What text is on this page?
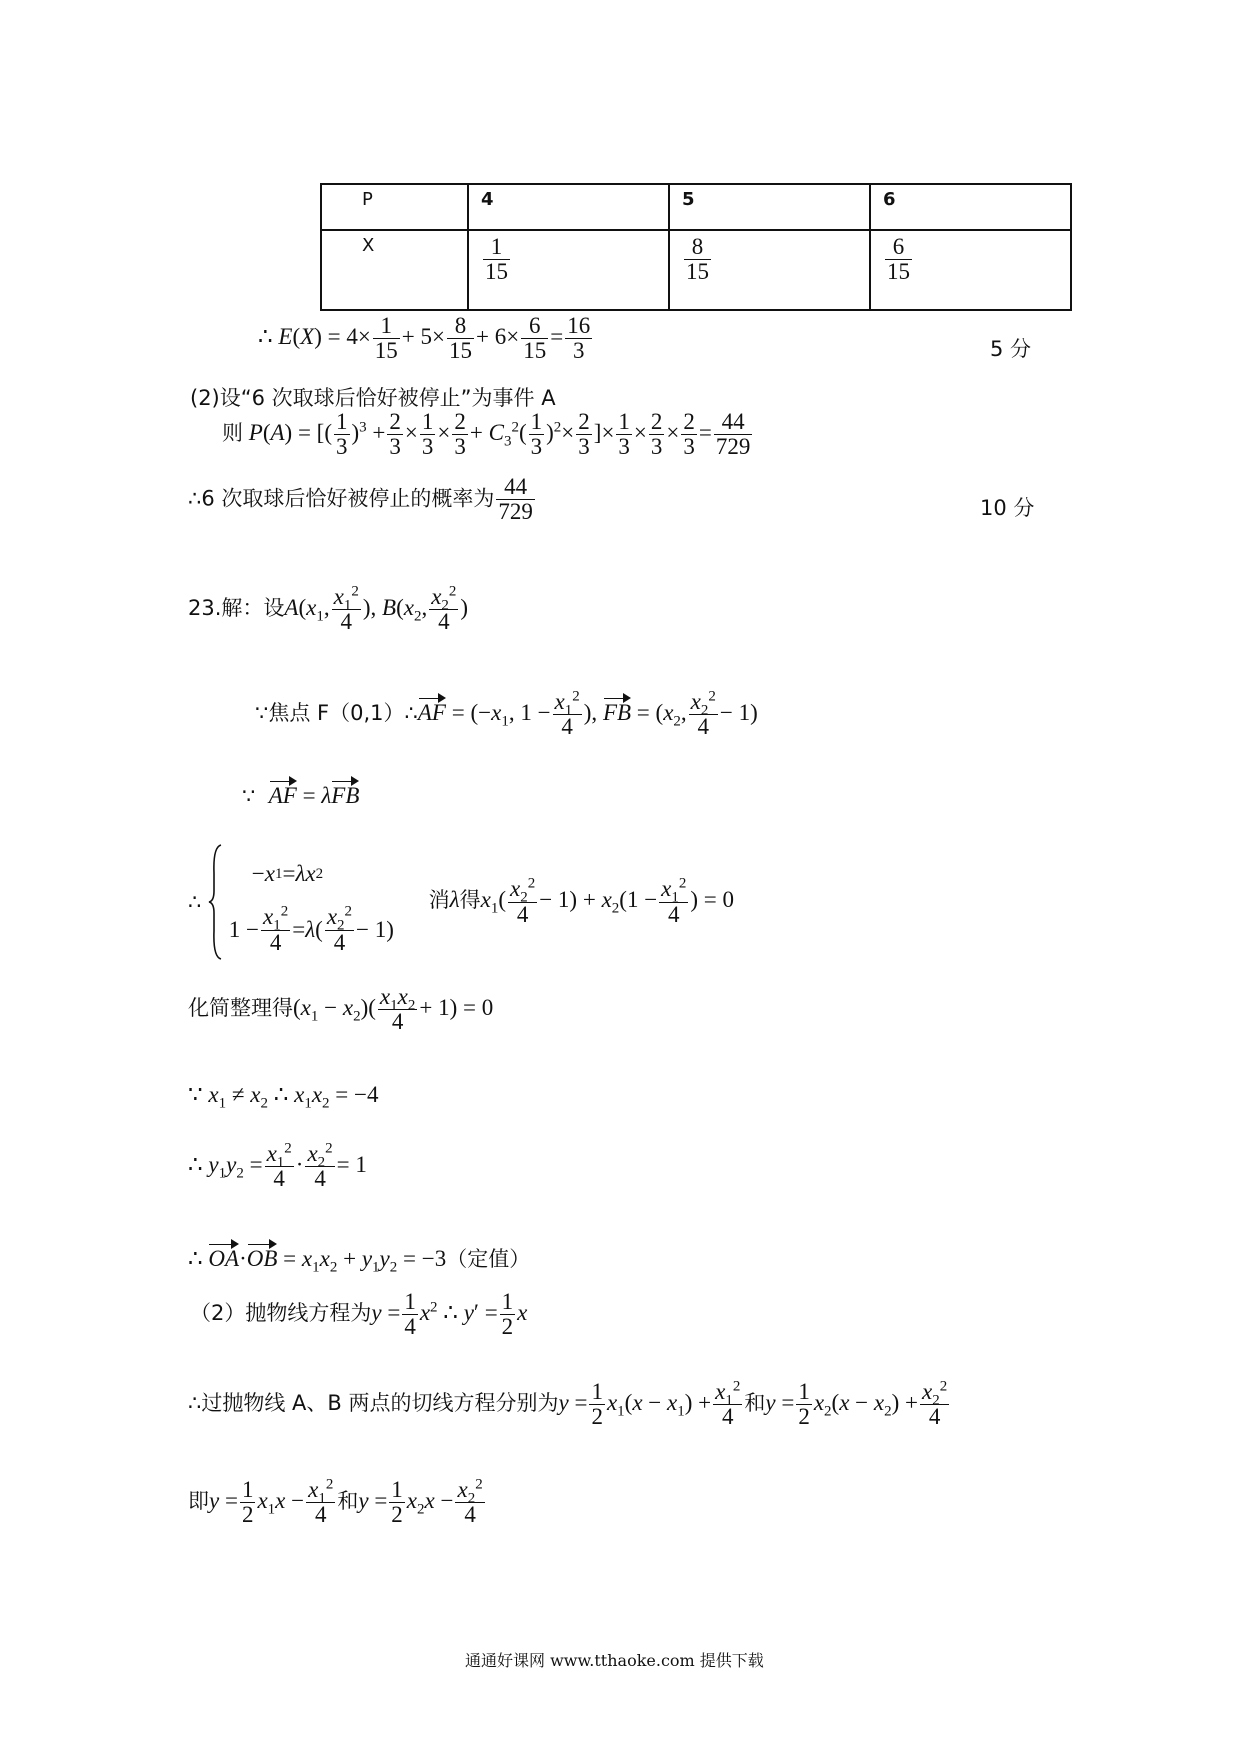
P	4	5	6
X	$\frac{1}{15}$	$\frac{8}{15}$	$\frac{6}{15}$
∴ $E(X) = 4\times \frac{1}{15} + 5\times \frac{8}{15} + 6\times \frac{6}{15} = \frac{16}{3}$	5 分
(2)设“6 次取球后恰好被停止”为事件 A
则 P(A) = [( $\frac{1}{3} )^3 + \frac{2}{3} \times \frac{1}{3} \times \frac{2}{3} + C_3^2( \frac{1}{3} )^2\times \frac{2}{3}$ ]× $\frac{1}{3} \times \frac{2}{3} \times \frac{2}{3} = \frac{44}{729}$
∴6 次取球后恰好被停止的概率为 $\frac{44}{729}$	10 分
23.解：设$A(x_1$, $\frac{x_1^2}{4}$ ), $B(x_2$, $\frac{x_2^2}{4}$ )
∵焦点 F（0,1）∴AF = ($-x_1$, $1 - \frac{x_1^2}{4}$ ), FB = ($x_2$, $\frac{x_2^2}{4} - 1$)
∵ AF = λFB
∴
− x 1 = λx 2
$1 - \frac{x_1^2}{4} = \lambda$ ( $\frac{x_2^2}{4} - 1$)
消λ得$x_1( \frac{x_2^2}{4} - 1) + x_2(1 - \frac{x_1^2}{4}$ ) = 0
化简整理得$(x_1 - x_2)( \frac{x_1x_2}{4} + 1) = 0$
∵ $x_1 \ne x_2$ ∴ $x_1x_2 = -4$
∴ $y_1y_2 = \frac{x_1^2}{4} \cdot \frac{x_2^2}{4} = 1$
∴ $OA\cdot OB = x_1x_2 + y_1y_2 = -3$（定值）
（2）抛物线方程为$y = \frac{1}{4} x^2$ ∴ $y' = \frac{1}{2}$ x
∴过抛物线 A、B 两点的切线方程分别为$y = \frac{1}{2} x_1(x - x_1) + \frac{x_1^2}{4}$ 和$y = \frac{1}{2} x_2(x - x_2) + \frac{x_2^2}{4}$
即$y = \frac{1}{2} x_1x - \frac{x_1^2}{4}$ 和$y = \frac{1}{2} x_2x - \frac{x_2^2}{4}$
通通好课网 www.tthaoke.com 提供下载
